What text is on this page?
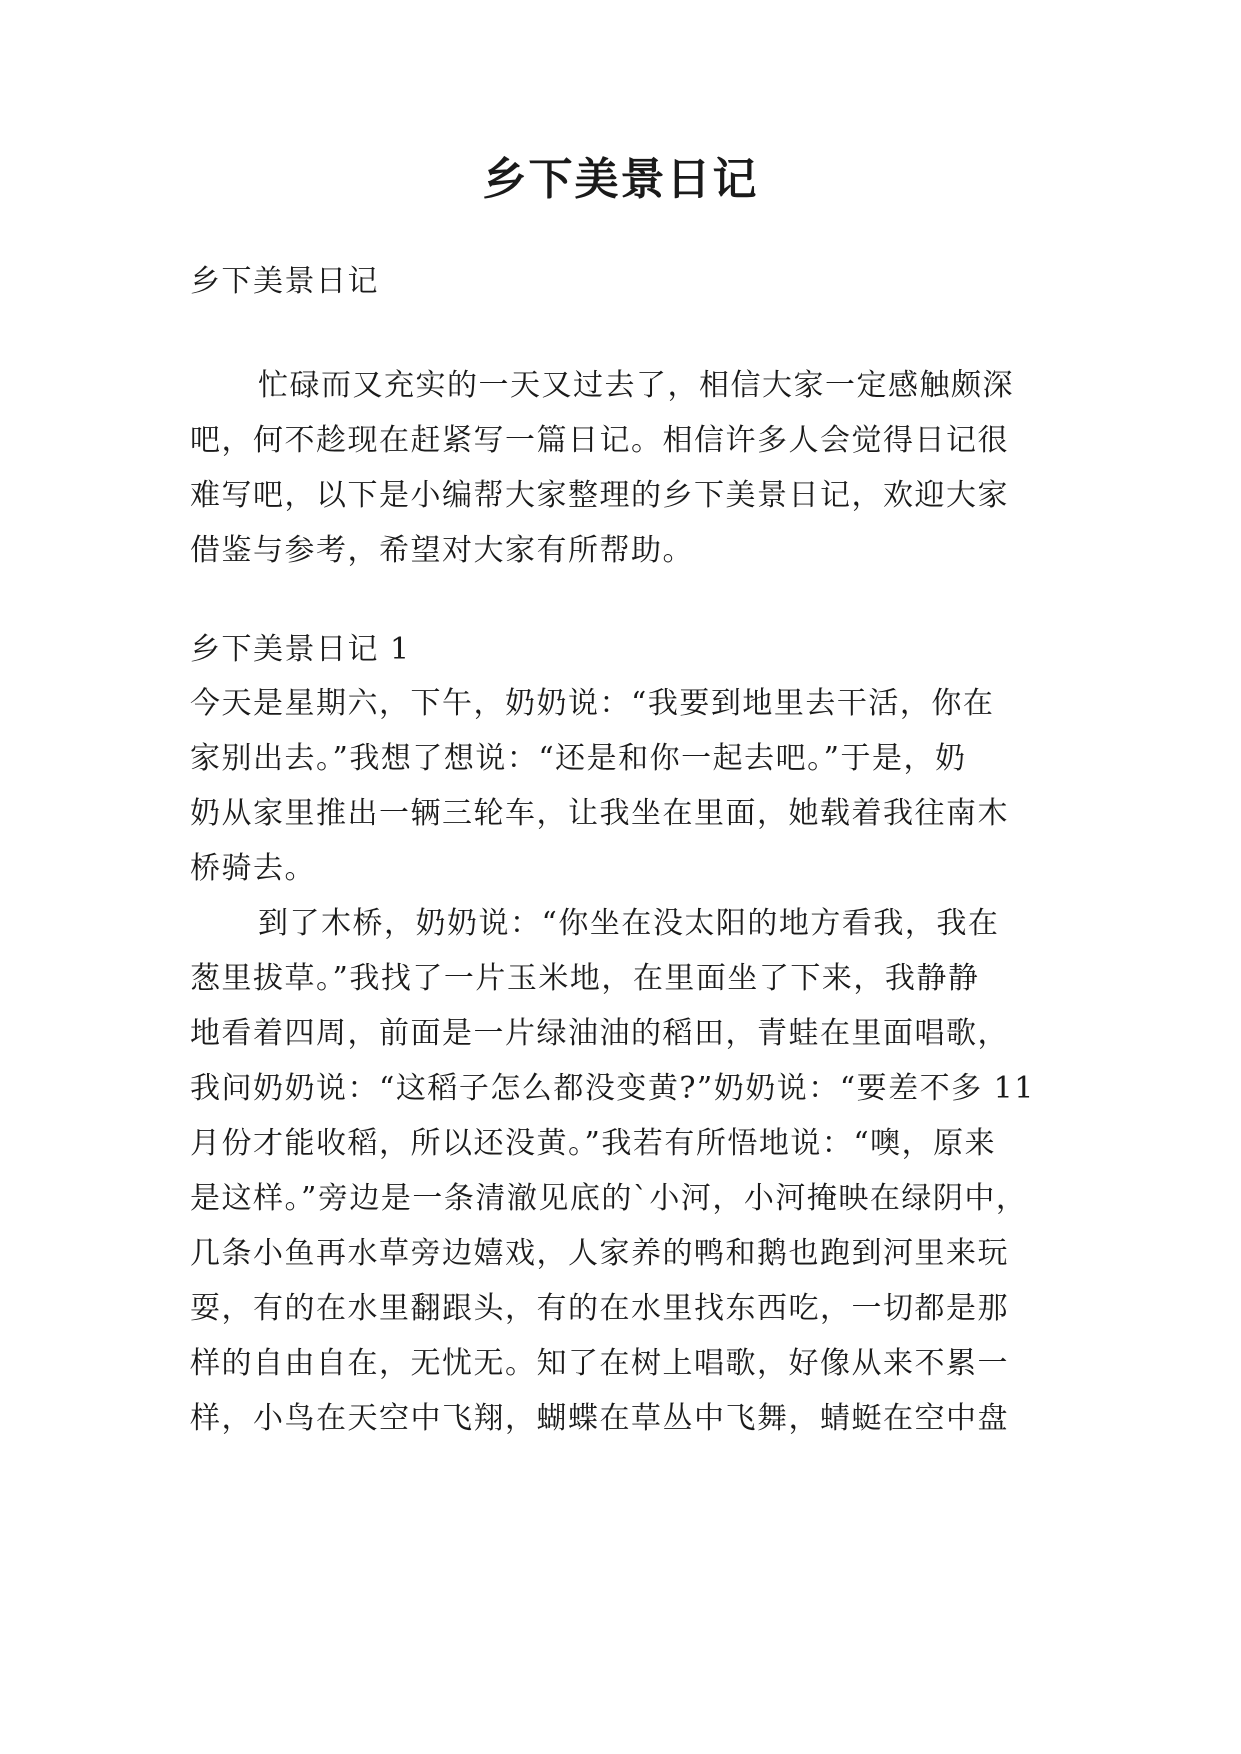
乡下美景日记

乡下美景日记

忙碌而又充实的一天又过去了，相信大家一定感触颇深

吧，何不趁现在赶紧写一篇日记。相信许多人会觉得日记很

难写吧，以下是小编帮大家整理的乡下美景日记，欢迎大家

借鉴与参考，希望对大家有所帮助。

乡下美景日记 1

今天是星期六，下午，奶奶说：“我要到地里去干活，你在

家别出去。”我想了想说：“还是和你一起去吧。”于是，奶

奶从家里推出一辆三轮车，让我坐在里面，她载着我往南木

桥骑去。

到了木桥，奶奶说：“你坐在没太阳的地方看我，我在

葱里拔草。”我找了一片玉米地，在里面坐了下来，我静静

地看着四周，前面是一片绿油油的稻田，青蛙在里面唱歌，

我问奶奶说：“这稻子怎么都没变黄?”奶奶说：“要差不多 11

月份才能收稻，所以还没黄。”我若有所悟地说：“噢，原来

是这样。”旁边是一条清澈见底的`小河，小河掩映在绿阴中，

几条小鱼再水草旁边嬉戏，人家养的鸭和鹅也跑到河里来玩

耍，有的在水里翻跟头，有的在水里找东西吃，一切都是那

样的自由自在，无忧无。知了在树上唱歌，好像从来不累一

样，小鸟在天空中飞翔，蝴蝶在草丛中飞舞，蜻蜓在空中盘
